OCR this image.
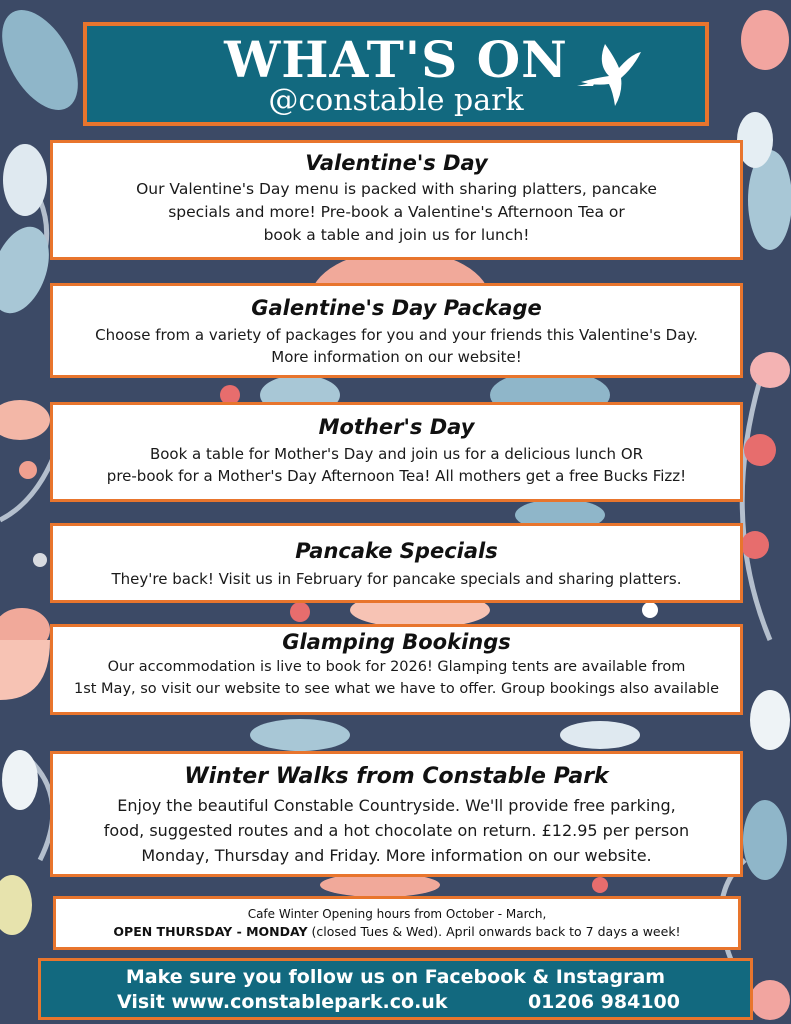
WHAT'S ON
@constable park
Valentine's Day
Our Valentine's Day menu is packed with sharing platters, pancake
specials and more! Pre-book a Valentine's Afternoon Tea or
book a table and join us for lunch!
Galentine's Day Package
Choose from a variety of packages for you and your friends this Valentine's Day.
More information on our website!
Mother's Day
Book a table for Mother's Day and join us for a delicious lunch OR
pre-book for a Mother's Day Afternoon Tea! All mothers get a free Bucks Fizz!
Pancake Specials
They're back! Visit us in February for pancake specials and sharing platters.
Glamping Bookings
Our accommodation is live to book for 2026! Glamping tents are available from
1st May, so visit our website to see what we have to offer. Group bookings also available
Winter Walks from Constable Park
Enjoy the beautiful Constable Countryside. We'll provide free parking,
food, suggested routes and a hot chocolate on return. £12.95 per person
Monday, Thursday and Friday. More information on our website.
Cafe Winter Opening hours from October - March,
OPEN THURSDAY - MONDAY (closed Tues & Wed). April onwards back to 7 days a week!
Make sure you follow us on Facebook & Instagram
Visit www.constablepark.co.uk	01206 984100
